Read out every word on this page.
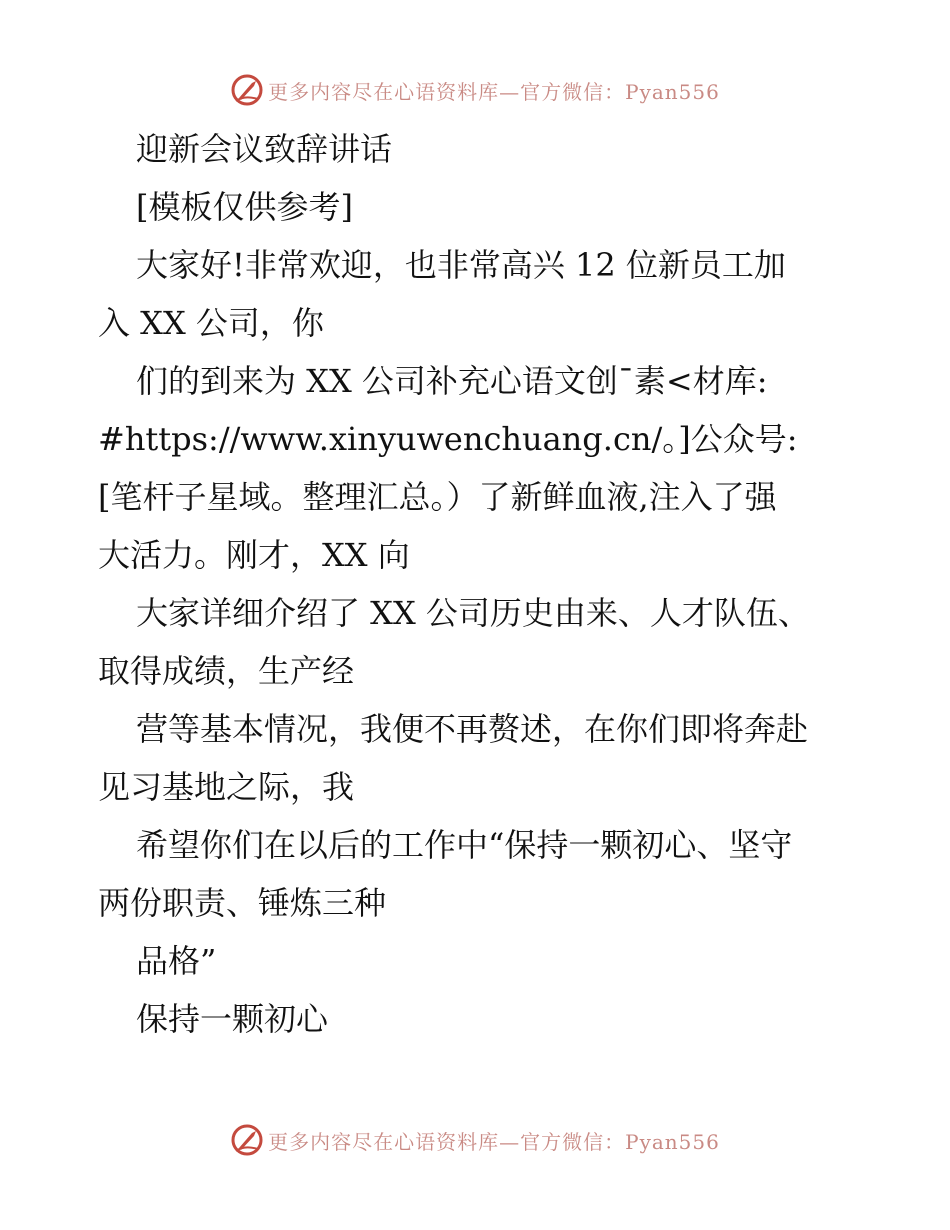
更多内容尽在心语资料库—官方微信：Pyan556
迎新会议致辞讲话
[模板仅供参考]
大家好!非常欢迎，也非常高兴 12 位新员工加
入 XX 公司，你
们的到来为 XX 公司补充心语文创¯素<材库:
#https://www.xinyuwenchuang.cn/。]公众号:
[笔杆子星域。整理汇总。）了新鲜血液,注入了强
大活力。刚才，XX 向
大家详细介绍了 XX 公司历史由来、人才队伍、
取得成绩，生产经
营等基本情况，我便不再赘述，在你们即将奔赴
见习基地之际，我
希望你们在以后的工作中“保持一颗初心、坚守
两份职责、锤炼三种
品格”
保持一颗初心
更多内容尽在心语资料库—官方微信：Pyan556
